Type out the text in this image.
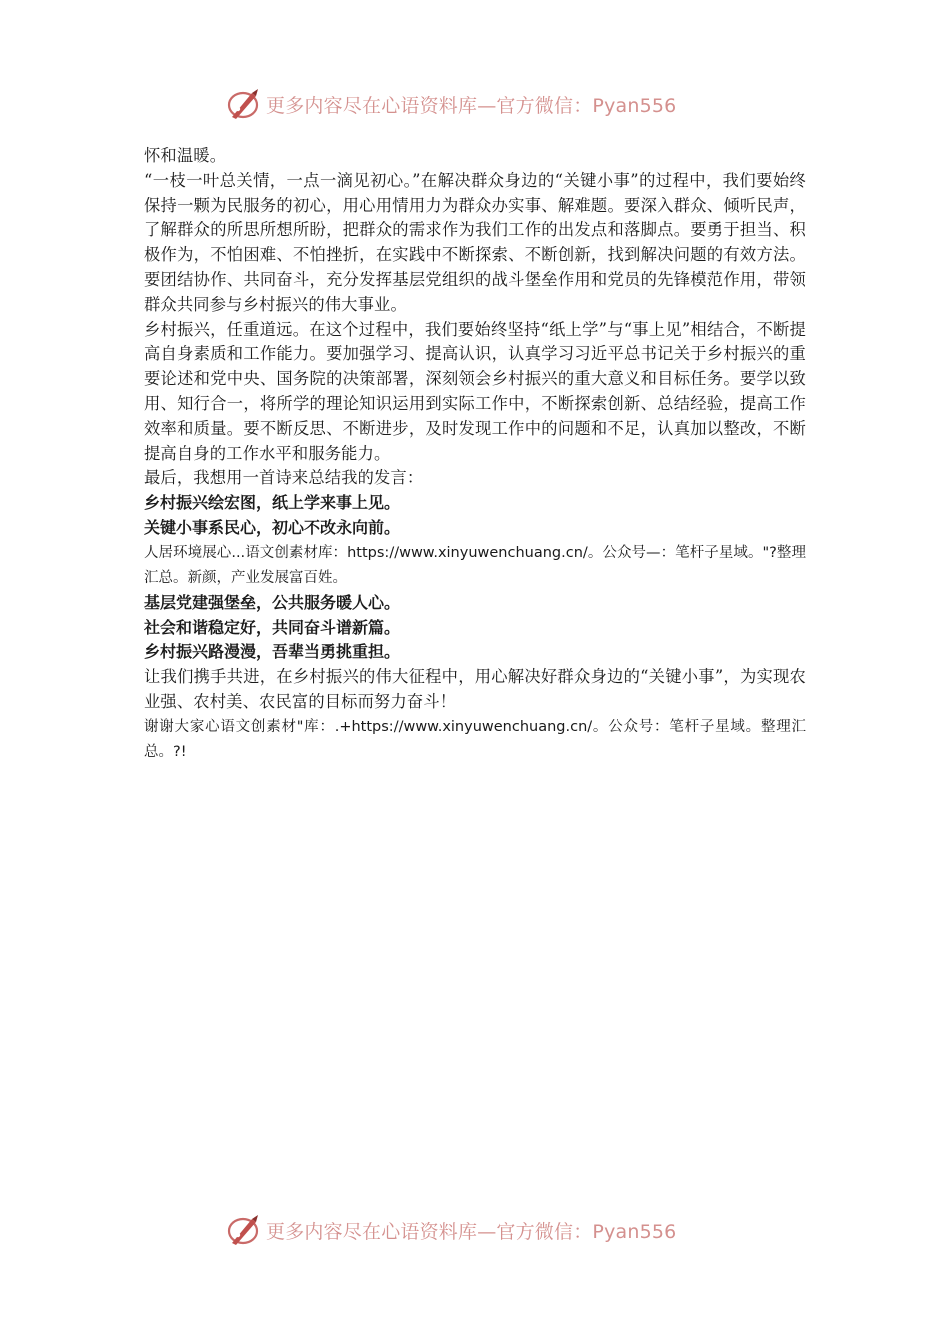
更多内容尽在心语资料库—官方微信：Pyan556

怀和温暖。

“一枝一叶总关情，一点一滴见初心。”在解决群众身边的“关键小事”的过程中，我们要始终保持一颗为民服务的初心，用心用情用力为群众办实事、解难题。要深入群众、倾听民声，了解群众的所思所想所盼，把群众的需求作为我们工作的出发点和落脚点。要勇于担当、积极作为，不怕困难、不怕挫折，在实践中不断探索、不断创新，找到解决问题的有效方法。要团结协作、共同奋斗，充分发挥基层党组织的战斗堡垒作用和党员的先锋模范作用，带领群众共同参与乡村振兴的伟大事业。

乡村振兴，任重道远。在这个过程中，我们要始终坚持“纸上学”与“事上见”相结合，不断提高自身素质和工作能力。要加强学习、提高认识，认真学习习近平总书记关于乡村振兴的重要论述和党中央、国务院的决策部署，深刻领会乡村振兴的重大意义和目标任务。要学以致用、知行合一，将所学的理论知识运用到实际工作中，不断探索创新、总结经验，提高工作效率和质量。要不断反思、不断进步，及时发现工作中的问题和不足，认真加以整改，不断提高自身的工作水平和服务能力。

最后，我想用一首诗来总结我的发言：

乡村振兴绘宏图，纸上学来事上见。

关键小事系民心，初心不改永向前。

人居环境展心...语文创素材库：https://www.xinyuwenchuang.cn/。公众号—：笔杆子星域。"?整理汇总。新颜，产业发展富百姓。

基层党建强堡垒，公共服务暖人心。

社会和谐稳定好，共同奋斗谱新篇。

乡村振兴路漫漫，吾辈当勇挑重担。

让我们携手共进，在乡村振兴的伟大征程中，用心解决好群众身边的“关键小事”，为实现农业强、农村美、农民富的目标而努力奋斗！

谢谢大家心语文创素材"库：.+https://www.xinyuwenchuang.cn/。公众号：笔杆子星域。整理汇总。?!

更多内容尽在心语资料库—官方微信：Pyan556
